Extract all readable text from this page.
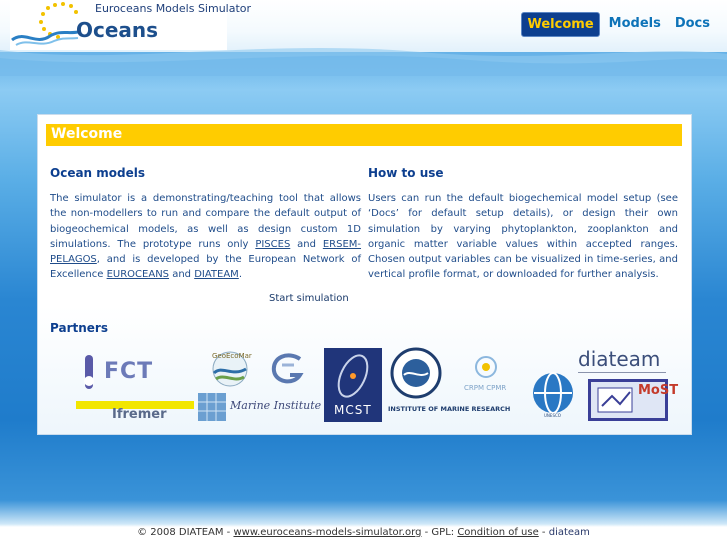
Euroceans Models Simulator
Oceans	Welcome	Models	Docs
Welcome
Ocean models
The simulator is a demonstrating/teaching tool that allows the non-modellers to run and compare the default output of biogeochemical models, as well as design custom 1D simulations. The prototype runs only PISCES and ERSEM-PELAGOS, and is developed by the European Network of Excellence EUROCEANS and DIATEAM.
How to use
Users can run the default biogechemical model setup (see ‘Docs’ for default setup details), or design their own simulation by varying phytoplankton, zooplankton and organic matter variable values within accepted ranges. Chosen output variables can be visualized in time-series, and vertical profile format, or downloaded for further analysis.
Start simulation
Partners
FCT
GeoEcoMar
MCST
CRPM CPMR
diateam
Ifremer
Marine Institute	INSTITUTE OF MARINE RESEARCH
UNESCO
MoST
© 2008 DIATEAM - www.euroceans-models-simulator.org - GPL: Condition of use - diateam
